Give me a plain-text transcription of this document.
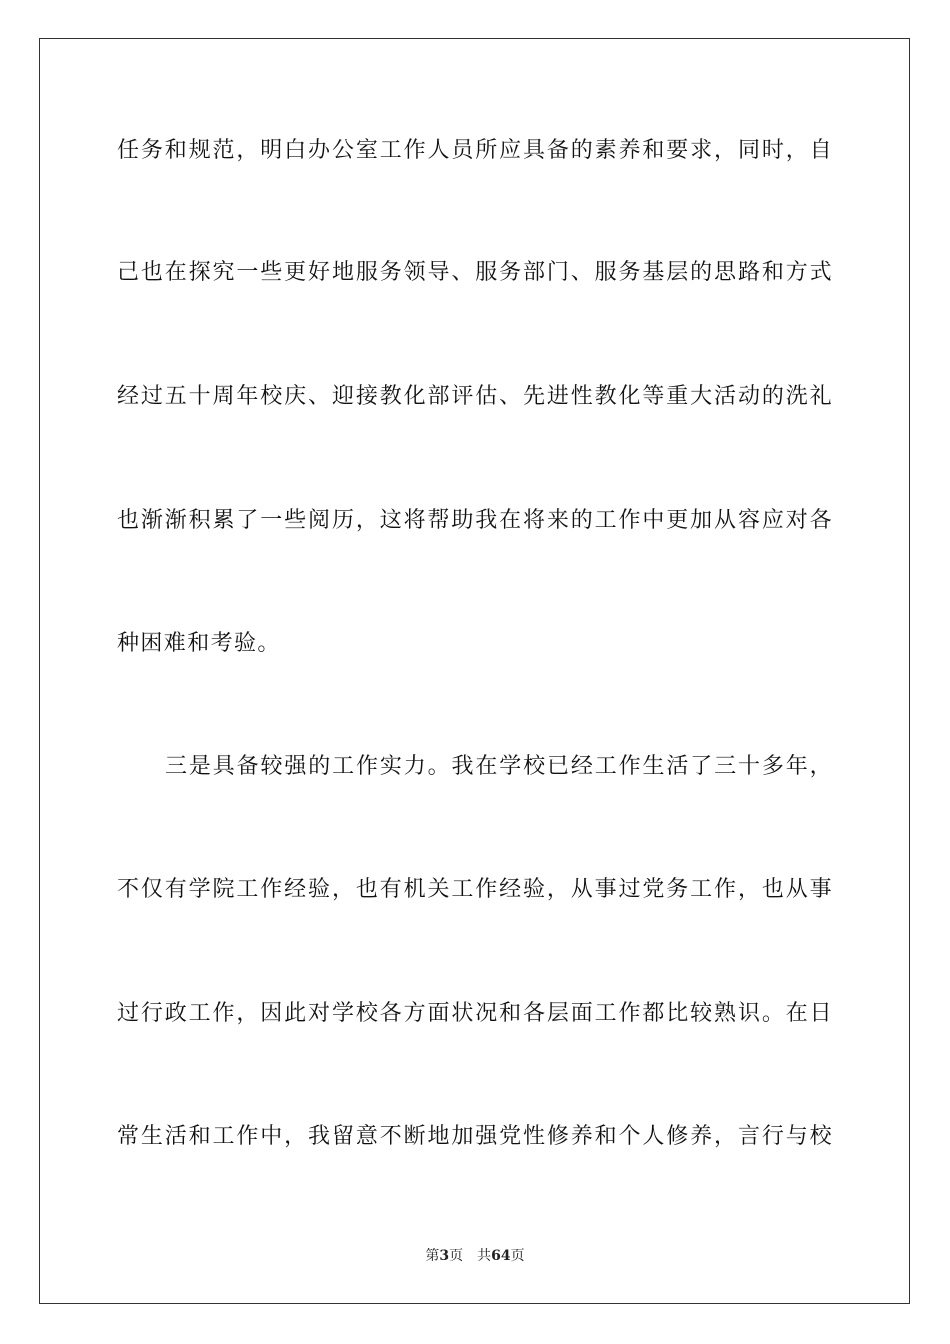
任务和规范，明白办公室工作人员所应具备的素养和要求，同时，自
己也在探究一些更好地服务领导、服务部门、服务基层的思路和方式
经过五十周年校庆、迎接教化部评估、先进性教化等重大活动的洗礼
也渐渐积累了一些阅历，这将帮助我在将来的工作中更加从容应对各
种困难和考验。
三是具备较强的工作实力。我在学校已经工作生活了三十多年，
不仅有学院工作经验，也有机关工作经验，从事过党务工作，也从事
过行政工作，因此对学校各方面状况和各层面工作都比较熟识。在日
常生活和工作中，我留意不断地加强党性修养和个人修养，言行与校
第3页 共64页
